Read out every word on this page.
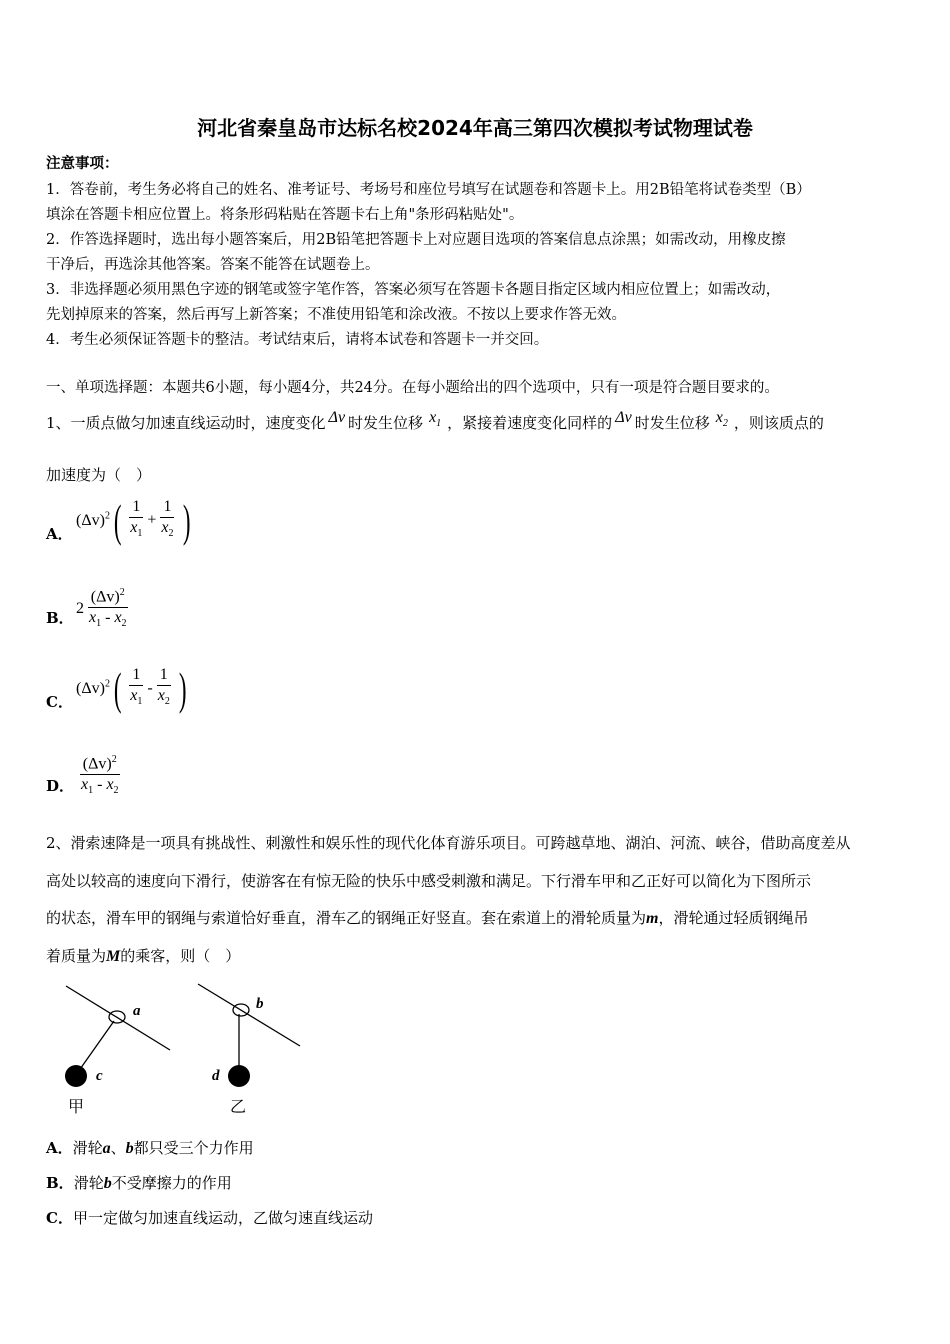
河北省秦皇岛市达标名校2024年高三第四次模拟考试物理试卷
注意事项：
1．答卷前，考生务必将自己的姓名、准考证号、考场号和座位号填写在试题卷和答题卡上。用2B铅笔将试卷类型（B）
填涂在答题卡相应位置上。将条形码粘贴在答题卡右上角"条形码粘贴处"。
2．作答选择题时，选出每小题答案后，用2B铅笔把答题卡上对应题目选项的答案信息点涂黑；如需改动，用橡皮擦
干净后，再选涂其他答案。答案不能答在试题卷上。
3．非选择题必须用黑色字迹的钢笔或签字笔作答，答案必须写在答题卡各题目指定区域内相应位置上；如需改动，
先划掉原来的答案，然后再写上新答案；不准使用铅笔和涂改液。不按以上要求作答无效。
4．考生必须保证答题卡的整洁。考试结束后，请将本试卷和答题卡一并交回。
一、单项选择题：本题共6小题，每小题4分，共24分。在每小题给出的四个选项中，只有一项是符合题目要求的。
1、一质点做匀加速直线运动时，速度变化 Δv 时发生位移 $x_1$ ，紧接着速度变化同样的 Δv 时发生位移 $x_2$ ，则该质点的
加速度为（　）
A．
$(\Delta v)^2( \frac{1}{x_1} + \frac{1}{x_2}$ )
B．
$2 \frac{(\Delta v)^2}{x_1 - x_2}$
C．
$(\Delta v)^2( \frac{1}{x_1} - \frac{1}{x_2}$ )
D． $\frac{(\Delta v)^2}{x_1 - x_2}$
2、滑索速降是一项具有挑战性、刺激性和娱乐性的现代化体育游乐项目。可跨越草地、湖泊、河流、峡谷，借助高度差从
高处以较高的速度向下滑行，使游客在有惊无险的快乐中感受刺激和满足。下行滑车甲和乙正好可以简化为下图所示
的状态，滑车甲的钢绳与索道恰好垂直，滑车乙的钢绳正好竖直。套在索道上的滑轮质量为m，滑轮通过轻质钢绳吊
着质量为M的乘客，则（　）
a
c
甲
b
d
乙
A．滑轮a、b都只受三个力作用
B．滑轮b不受摩擦力的作用
C．甲一定做匀加速直线运动，乙做匀速直线运动
